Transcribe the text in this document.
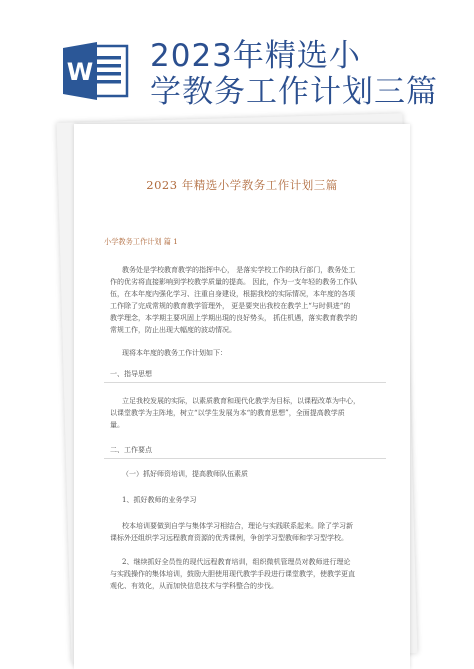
W 2023年精选小
学教务工作计划三篇
2023 年精选小学教务工作计划三篇
小学教务工作计划 篇 1
教务处是学校教育教学的指挥中心， 是落实学校工作的执行部门，教务处工
作的优劣将直接影响到学校教学质量的提高。 因此，作为一支年轻的教务工作队
伍，在本年度内强化学习、注重自身建设，根据我校的实际情况，本年度的各项
工作除了完成常规的教育教学管理外， 更是要突出我校在教学上“与时俱进“的
教学理念，本学期主要巩固上学期出現的良好势头， 抓住机遇，落实教育教学的
常规工作，防止出现大幅度的波动情况。
现将本年度的教务工作计划如下：
一、指导思想
立足我校发展的实际，以素质教育和现代化教学为目标，以课程改革为中心，
以课堂教学为主阵地，树立“以学生发展为本“的教育思想”，全面提高教学质
量。
二、工作要点
（一）抓好师资培训，提高教师队伍素质
1、抓好教师的业务学习
校本培训要做到自学与集体学习相结合，理论与实践联系起来。除了学习新
课标外还组织学习远程教育资源的优秀课例，争创学习型教师和学习型学校。
2、继续抓好全员性的现代远程教育培训，组织微机管理员对教师进行理论
与实践操作的集体培训，鼓励大胆使用现代教学手段进行课堂教学，使教学更直
观化、有效化，从而加快信息技术与学科整合的步伐。
